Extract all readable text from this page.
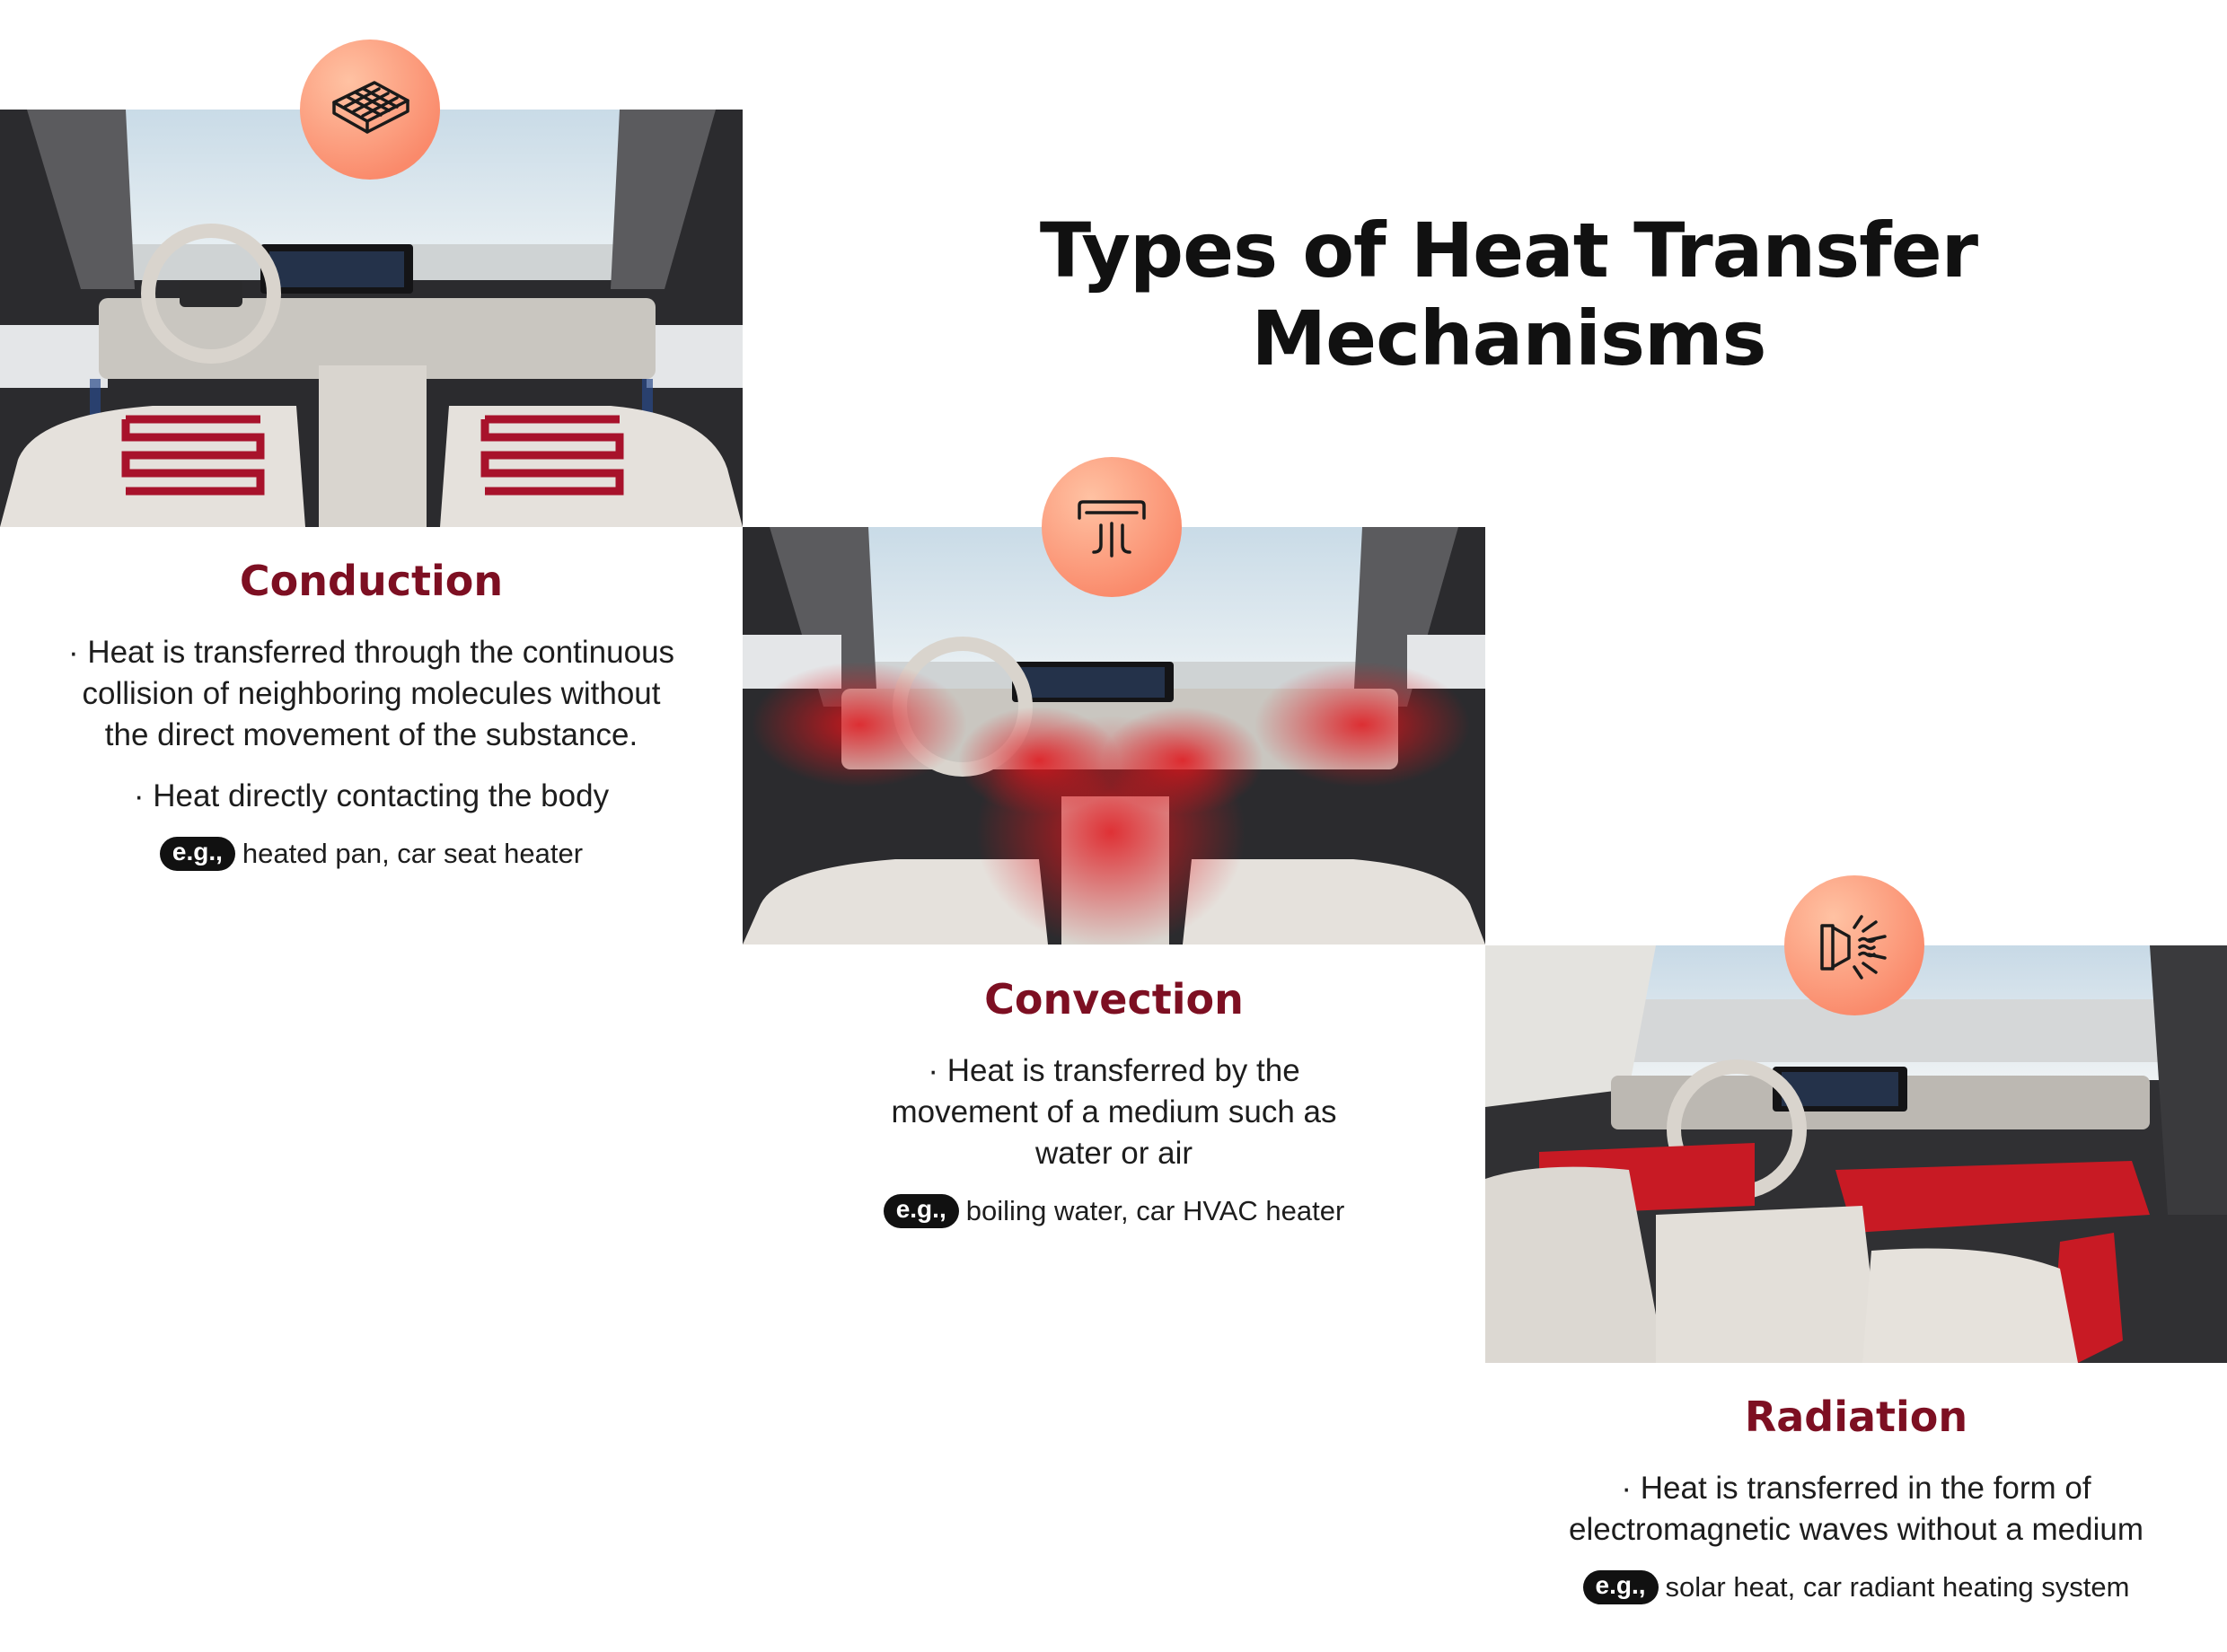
Types of Heat Transfer Mechanisms
Conduction
· Heat is transferred through the continuous collision of neighboring molecules without the direct movement of the substance.
· Heat directly contacting the body
e.g., heated pan, car seat heater
Convection
· Heat is transferred by the movement of a medium such as water or air
e.g., boiling water, car HVAC heater
Radiation
· Heat is transferred in the form of electromagnetic waves without a medium
e.g., solar heat, car radiant heating system
